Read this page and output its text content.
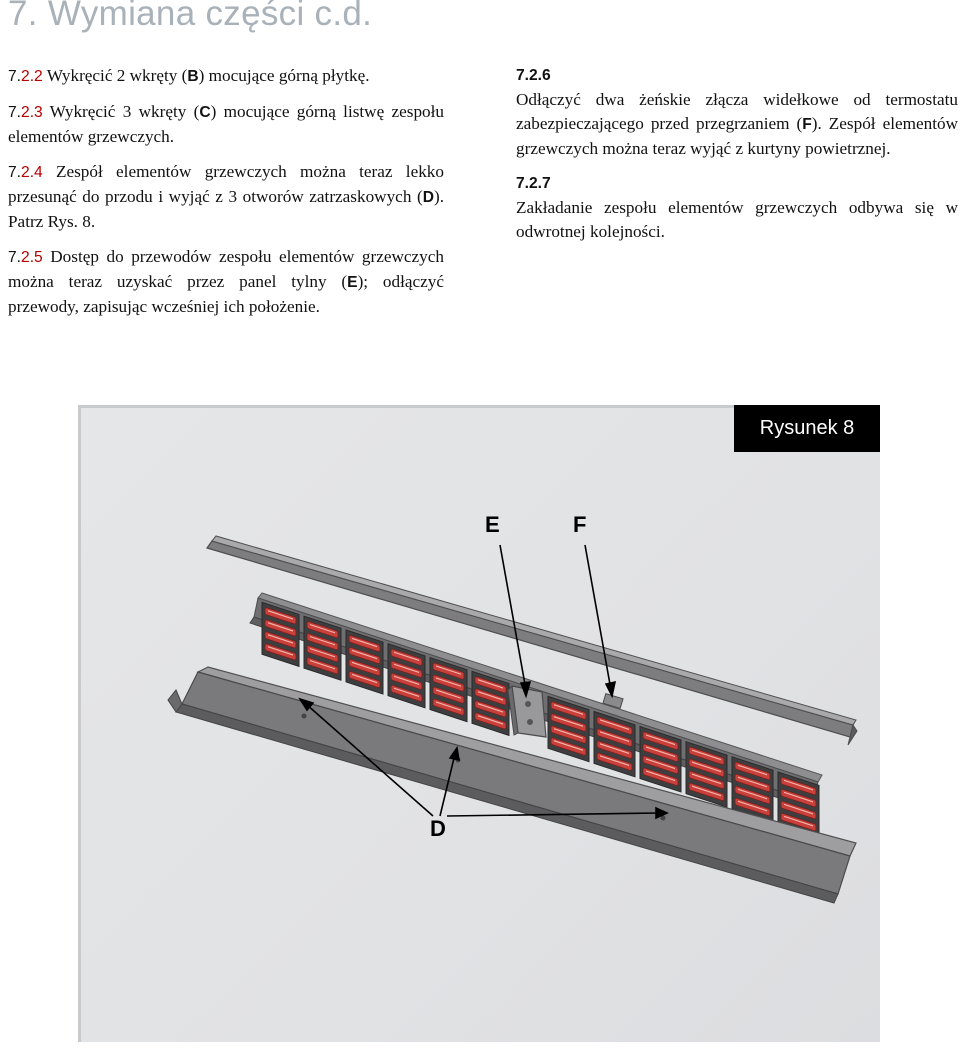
7. Wymiana części c.d.

7.2.2 Wykręcić 2 wkręty (B) mocujące górną płytkę.

7.2.3 Wykręcić 3 wkręty (C) mocujące górną listwę zespołu elementów grzewczych.

7.2.4 Zespół elementów grzewczych można teraz lekko przesunąć do przodu i wyjąć z 3 otworów zatrzaskowych (D). Patrz Rys. 8.

7.2.5 Dostęp do przewodów zespołu elementów grzewczych można teraz uzyskać przez panel tylny (E); odłączyć przewody, zapisując wcześniej ich położenie.

7.2.6

Odłączyć dwa żeńskie złącza widełkowe od termostatu zabezpieczającego przed przegrzaniem (F). Zespół elementów grzewczych można teraz wyjąć z kurtyny powietrznej.

7.2.7

Zakładanie zespołu elementów grzewczych odbywa się w odwrotnej kolejności.

Rysunek 8
E	F
D
